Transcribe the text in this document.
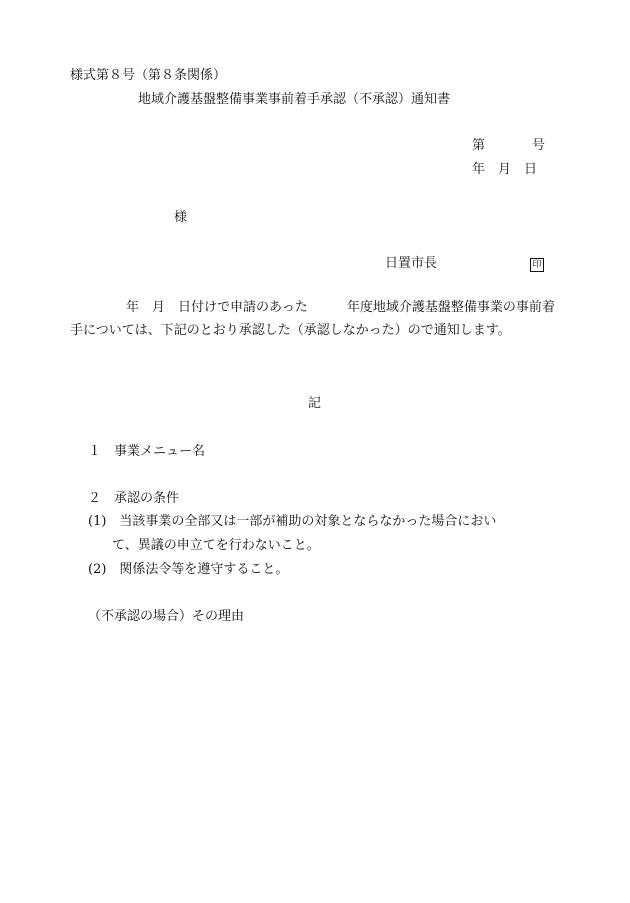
様式第８号（第８条関係）

地域介護基盤整備事業事前着手承認（不承認）通知書

第	号

年　月　日

様

日置市長	印

年　月　日付けで申請のあった　　　年度地域介護基盤整備事業の事前着手については、下記のとおり承認した（承認しなかった）ので通知します。

記

１　事業メニュー名

２　承認の条件

(1)　当該事業の全部又は一部が補助の対象とならなかった場合におい

て、異議の申立てを行わないこと。

(2)　関係法令等を遵守すること。

（不承認の場合）その理由
